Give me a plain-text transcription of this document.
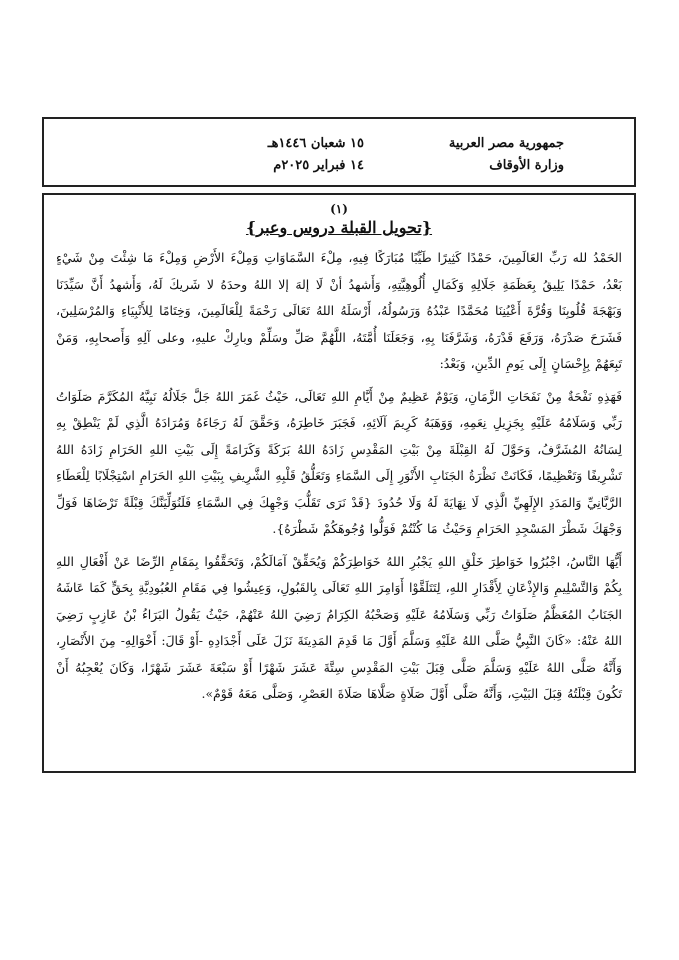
جمهورية مصر العربية
وزارة الأوقاف
١٥ شعبان ١٤٤٦هـ
١٤ فبراير ٢٠٢٥م
(١)
{تحويل القبلة دروس وعبر}

الحَمْدُ لله رَبِّ العَالَمِينَ، حَمْدًا كَثِيرًا طَيِّبًا مُبَارَكًا فِيهِ، مِلْءَ السَّمَاوَاتِ وَمِلْءَ الأَرْضِ وَمِلْءَ مَا شِئْتَ مِنْ شَيْءٍ بَعْدُ، حَمْدًا يَلِيقُ بِعَظَمَةِ جَلَالِهِ وَكَمَالِ أُلُوهِيَّتِهِ، وَأَشهدُ أنْ لَا إلهَ إلا اللهُ وحدَهُ لا شَريكَ لَهُ، وَأَشهدُ أَنَّ سَيِّدَنَا وَبَهْجَةَ قُلُوبِنَا وَقُرَّةَ أَعْيُنِنَا مُحَمَّدًا عَبْدُهُ وَرَسُولُهُ، أَرْسَلَهُ اللهُ تَعَالَى رَحْمَةً لِلْعَالَمِينَ، وَخِتَامًا لِلأَنْبِيَاءِ وَالمُرْسَلِينَ، فَشَرَحَ صَدْرَهُ، وَرَفَعَ قَدْرَهُ، وَشَرَّفَنَا بِهِ، وَجَعَلَنَا أُمَّتَهُ، اللَّهُمَّ صَلِّ وسَلِّمْ وبارِكْ عليهِ، وعلى آلِهِ وَأَصحابِهِ، وَمَنْ تَبِعَهُمْ بِإِحْسَانٍ إِلَى يَومِ الدِّينِ، وَبَعْدُ:

فَهَذِهِ نَفْحَةٌ مِنْ نَفَحَاتِ الزَّمَانِ، وَيَوْمٌ عَظِيمٌ مِنْ أَيَّامِ اللهِ تَعَالَى، حَيْثُ غَمَرَ اللهُ جَلَّ جَلَالُهُ نَبِيَّهُ المُكَرَّمَ صَلَوَاتُ رَبِّي وَسَلَامُهُ عَلَيْهِ بِجَزِيلِ نِعَمِهِ، وَوَهَبَهُ كَرِيمَ آلَائِهِ، فَجَبَرَ خَاطِرَهُ، وَحَقَّقَ لَهُ رَجَاءَهُ وَمُرَادَهُ الَّذِي لَمْ يَنْطِقْ بِهِ لِسَانُهُ المُشَرَّفُ، وَحَوَّلَ لَهُ القِبْلَةَ مِنْ بَيْتِ المَقْدِسِ زَادَهُ اللهُ بَرَكَةً وَكَرَامَةً إِلَى بَيْتِ اللهِ الحَرَامِ زَادَهُ اللهُ تَشْرِيفًا وَتَعْظِيمًا، فَكَانَتْ نَظْرَةُ الجَنَابِ الأَنْوَرِ إِلَى السَّمَاءِ وَتَعَلُّقُ قَلْبِهِ الشَّرِيفِ بِبَيْتِ اللهِ الحَرَامِ اسْتِجْلَابًا لِلْعَطَاءِ الرَّبَّانِيِّ وَالمَدَدِ الإِلَهِيِّ الَّذِي لَا نِهَايَةَ لَهُ وَلَا حُدُودَ {قَدْ نَرَى تَقَلُّبَ وَجْهِكَ فِي السَّمَاءِ فَلَنُوَلِّيَنَّكَ قِبْلَةً تَرْضَاهَا فَوَلِّ وَجْهَكَ شَطْرَ المَسْجِدِ الحَرَامِ وَحَيْثُ مَا كُنْتُمْ فَوَلُّوا وُجُوهَكُمْ شَطْرَهُ}.

أَيُّهَا النَّاسُ، اجْبُرُوا خَوَاطِرَ خَلْقِ اللهِ يَجْبُرِ اللهُ خَوَاطِرَكُمْ وَيُحَقِّقْ آمَالَكُمْ، وَتَحَقَّقُوا بِمَقَامِ الرِّضَا عَنْ أَفْعَالِ اللهِ بِكُمْ وَالتَّسْلِيمِ وَالإِذْعَانِ لِأَقْدَارِ اللهِ، لِتَتَلَقَّوْا أَوَامِرَ اللهِ تَعَالَى بِالقَبُولِ، وَعِيشُوا فِي مَقَامِ العُبُودِيَّةِ بِحَقٍّ كَمَا عَاشَهُ الجَنَابُ المُعَظَّمُ صَلَوَاتُ رَبِّي وَسَلَامُهُ عَلَيْهِ وَصَحْبُهُ الكِرَامُ رَضِيَ اللهُ عَنْهُمْ، حَيْثُ يَقُولُ البَرَاءُ بْنُ عَازِبٍ رَضِيَ اللهُ عَنْهُ: «كَانَ النَّبِيُّ صَلَّى اللهُ عَلَيْهِ وَسَلَّمَ أَوَّلَ مَا قَدِمَ المَدِينَةَ نَزَلَ عَلَى أَجْدَادِهِ -أَوْ قَالَ: أَخْوَالِهِ- مِنَ الأَنْصَارِ، وَأَنَّهُ صَلَّى اللهُ عَلَيْهِ وَسَلَّمَ صَلَّى قِبَلَ بَيْتِ المَقْدِسِ سِتَّةَ عَشَرَ شَهْرًا أَوْ سَبْعَةَ عَشَرَ شَهْرًا، وَكَانَ يُعْجِبُهُ أَنْ تَكُونَ قِبْلَتُهُ قِبَلَ البَيْتِ، وَأَنَّهُ صَلَّى أَوَّلَ صَلَاةٍ صَلَّاهَا صَلَاةَ العَصْرِ، وَصَلَّى مَعَهُ قَوْمٌ».
